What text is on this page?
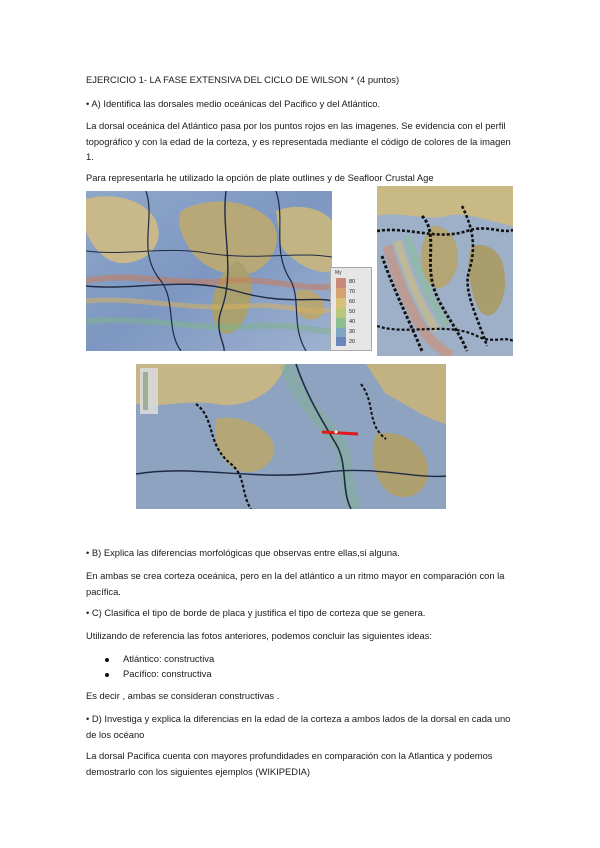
EJERCICIO 1- LA FASE EXTENSIVA DEL CICLO DE WILSON * (4 puntos)
• A) Identifica las dorsales medio oceánicas del Pacifico y del Atlántico.
La dorsal oceánica del Atlántico pasa por los puntos rojos en las imagenes. Se evidencia con el perfil topográfico y con la edad de la corteza, y es representada mediante el código de colores de la imagen 1.
Para representarla he utilizado la opción de plate outlines y de Seafloor Crustal Age
My
80
70
60
50
40
30
20
• B) Explica las diferencias morfológicas que observas entre ellas,si alguna.
En ambas se crea corteza oceánica, pero en la del atlántico a un ritmo mayor en comparación con la pacífica.
• C) Clasifica el tipo de borde de placa y justifica el tipo de corteza que se genera.
Utilizando de referencia las fotos anteriores, podemos concluir las siguientes ideas:
Atlántico: constructiva
Pacífico: constructiva
Es decir , ambas se consideran constructivas .
• D) Investiga y explica la diferencias en la edad de la corteza a ambos lados de la dorsal en cada uno de los océano
La dorsal Pacifica cuenta con mayores profundidades en comparación con la Atlantica y podemos demostrarlo con los siguientes ejemplos (WIKIPEDIA)
